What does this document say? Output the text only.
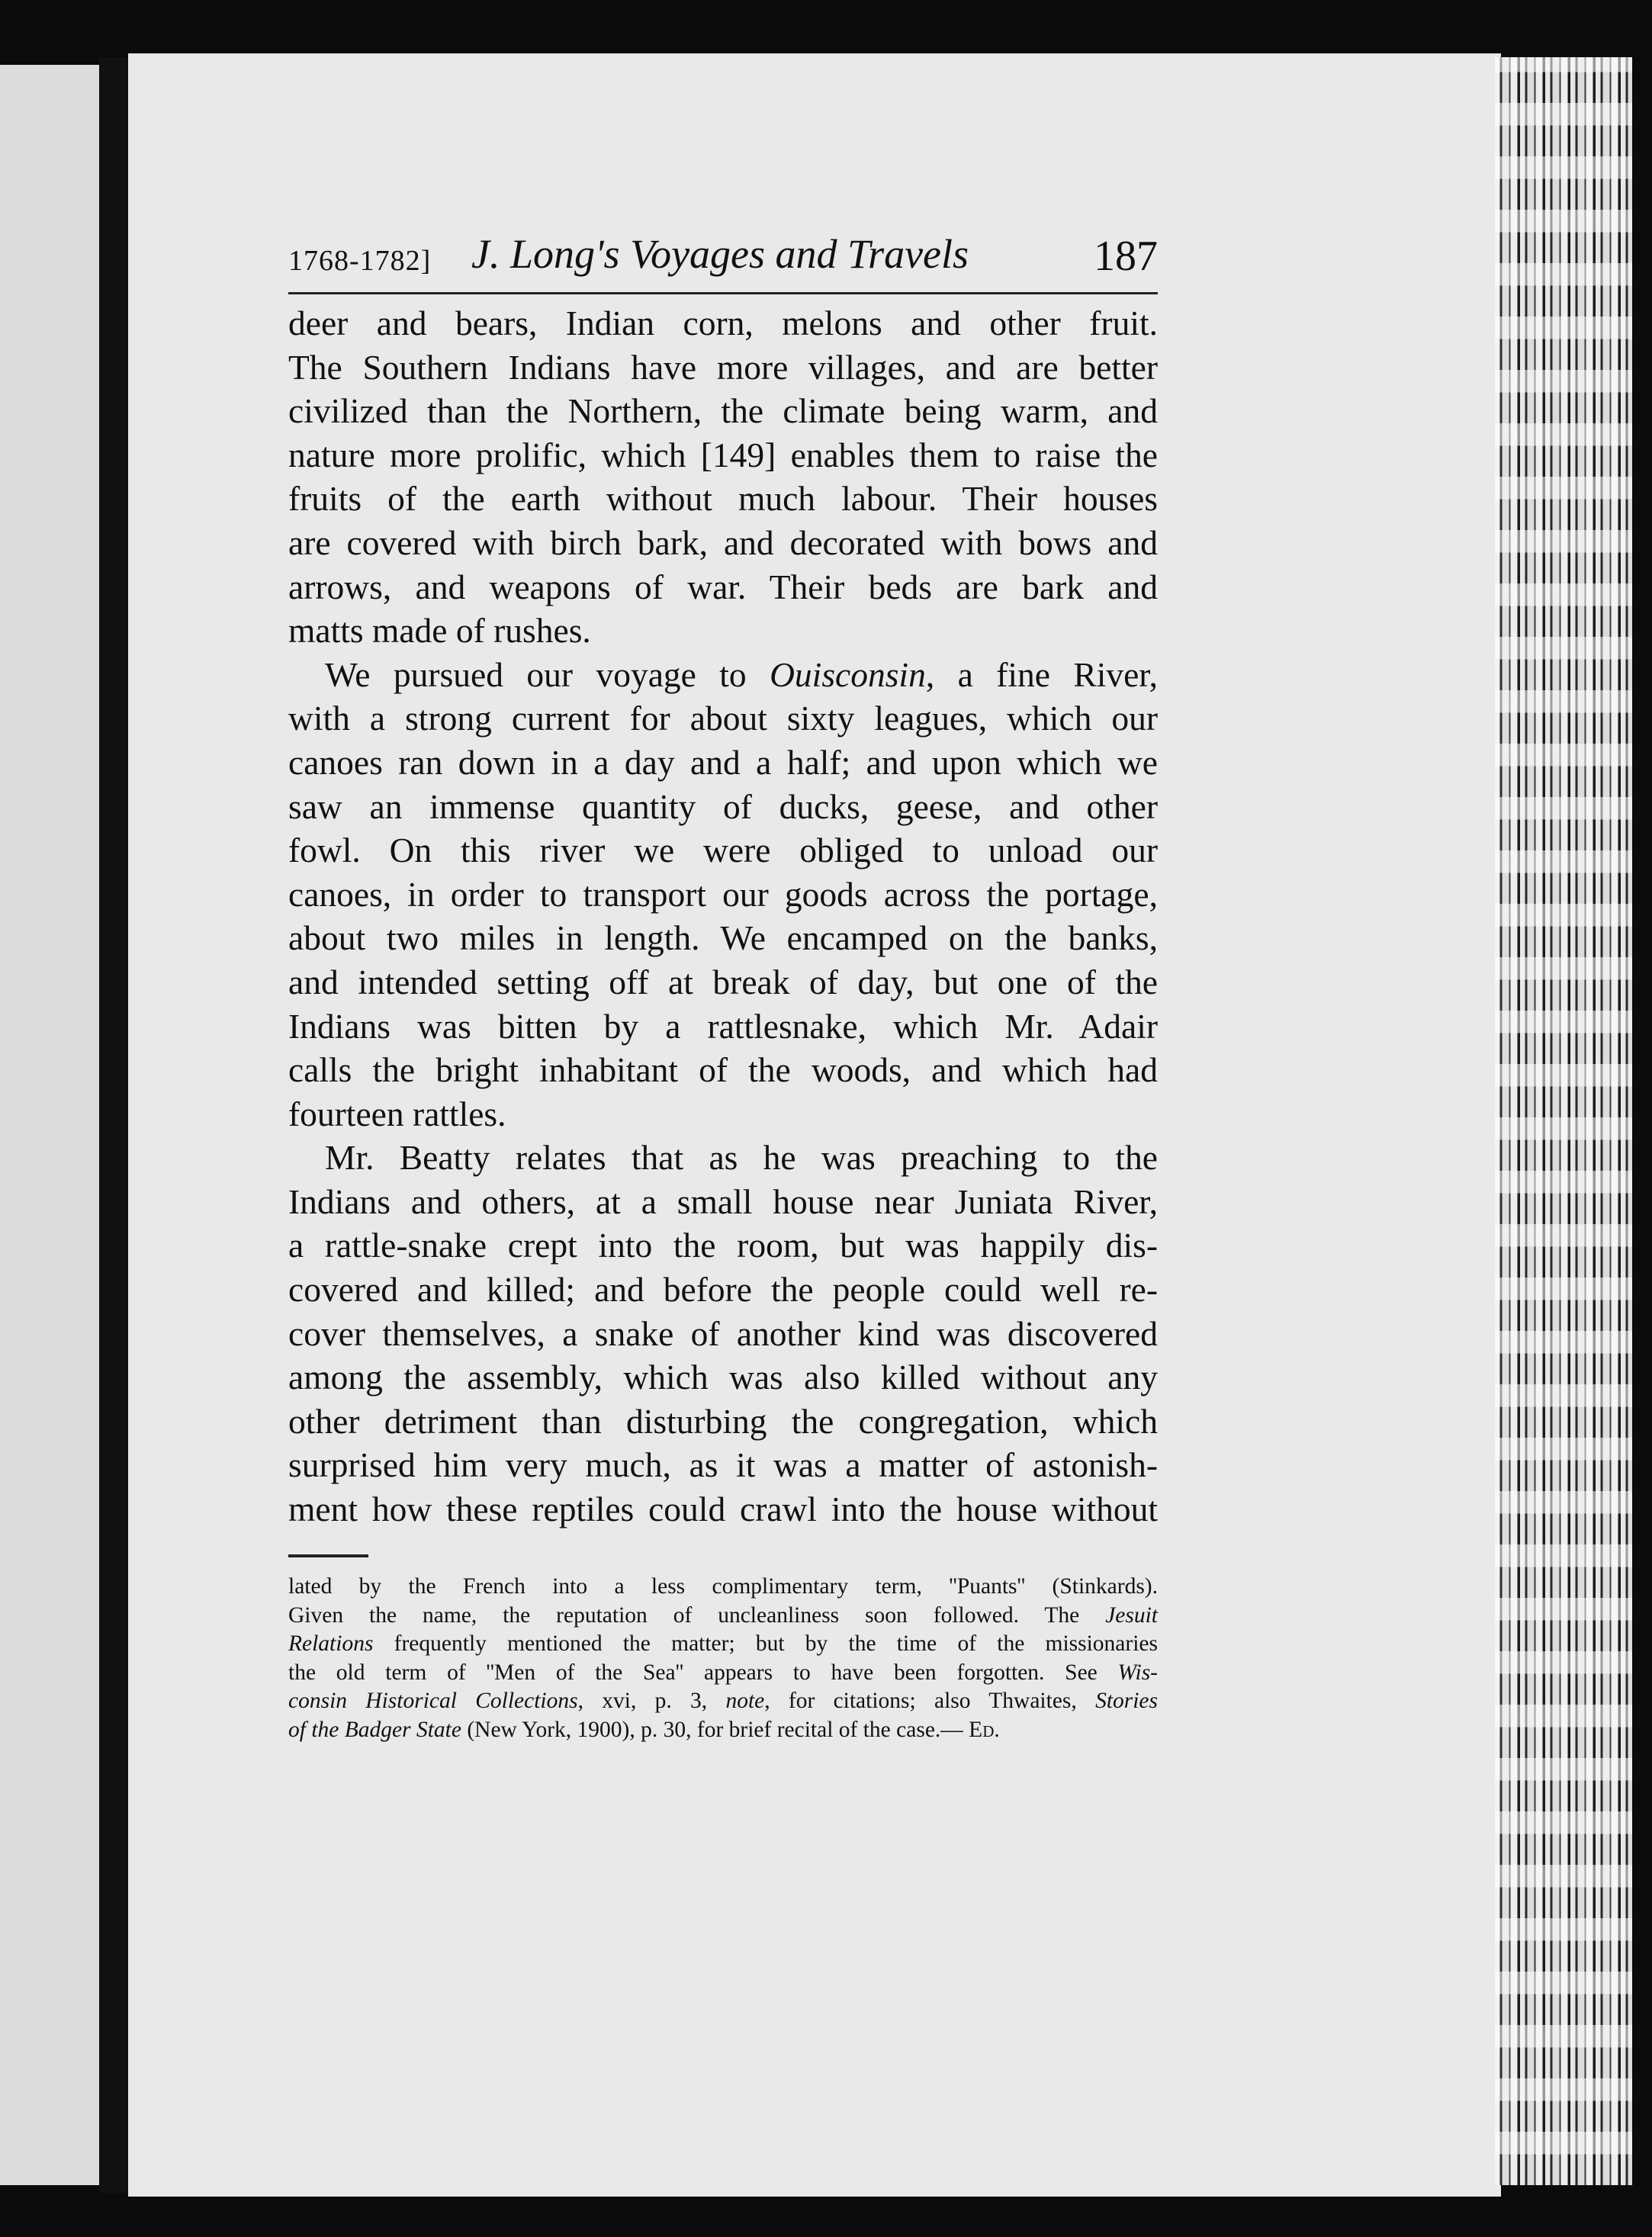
1768-1782] J. Long's Voyages and Travels	187

deer and bears, Indian corn, melons and other fruit.
The Southern Indians have more villages, and are better
civilized than the Northern, the climate being warm, and
nature more prolific, which [149] enables them to raise the
fruits of the earth without much labour. Their houses
are covered with birch bark, and decorated with bows and
arrows, and weapons of war. Their beds are bark and
matts made of rushes.

We pursued our voyage to Ouisconsin, a fine River,
with a strong current for about sixty leagues, which our
canoes ran down in a day and a half; and upon which we
saw an immense quantity of ducks, geese, and other
fowl. On this river we were obliged to unload our
canoes, in order to transport our goods across the portage,
about two miles in length. We encamped on the banks,
and intended setting off at break of day, but one of the
Indians was bitten by a rattlesnake, which Mr. Adair
calls the bright inhabitant of the woods, and which had
fourteen rattles.

Mr. Beatty relates that as he was preaching to the
Indians and others, at a small house near Juniata River,
a rattle-snake crept into the room, but was happily dis-
covered and killed; and before the people could well re-
cover themselves, a snake of another kind was discovered
among the assembly, which was also killed without any
other detriment than disturbing the congregation, which
surprised him very much, as it was a matter of astonish-
ment how these reptiles could crawl into the house without

lated by the French into a less complimentary term, ''Puants'' (Stinkards).
Given the name, the reputation of uncleanliness soon followed. The Jesuit
Relations frequently mentioned the matter; but by the time of the missionaries
the old term of ''Men of the Sea'' appears to have been forgotten. See Wis-
consin Historical Collections, xvi, p. 3, note, for citations; also Thwaites, Stories
of the Badger State (New York, 1900), p. 30, for brief recital of the case.— Ed.
